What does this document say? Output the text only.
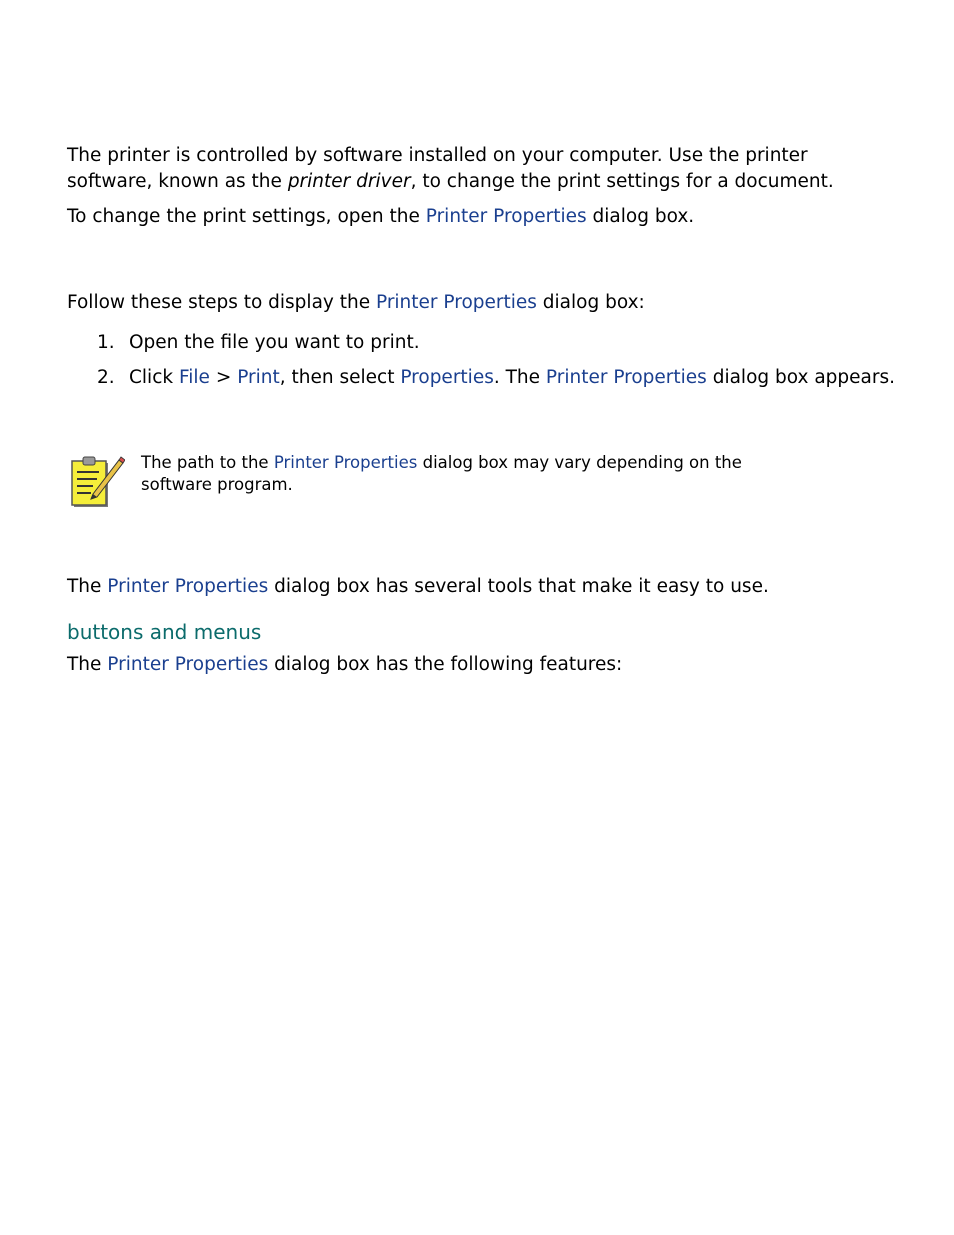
The printer is controlled by software installed on your computer. Use the printer software, known as the printer driver, to change the print settings for a document.

To change the print settings, open the Printer Properties dialog box.

Follow these steps to display the Printer Properties dialog box:

1. Open the file you want to print.
2. Click File > Print, then select Properties. The Printer Properties dialog box appears.
The path to the Printer Properties dialog box may vary depending on the software program.

The Printer Properties dialog box has several tools that make it easy to use.

buttons and menus

The Printer Properties dialog box has the following features:
